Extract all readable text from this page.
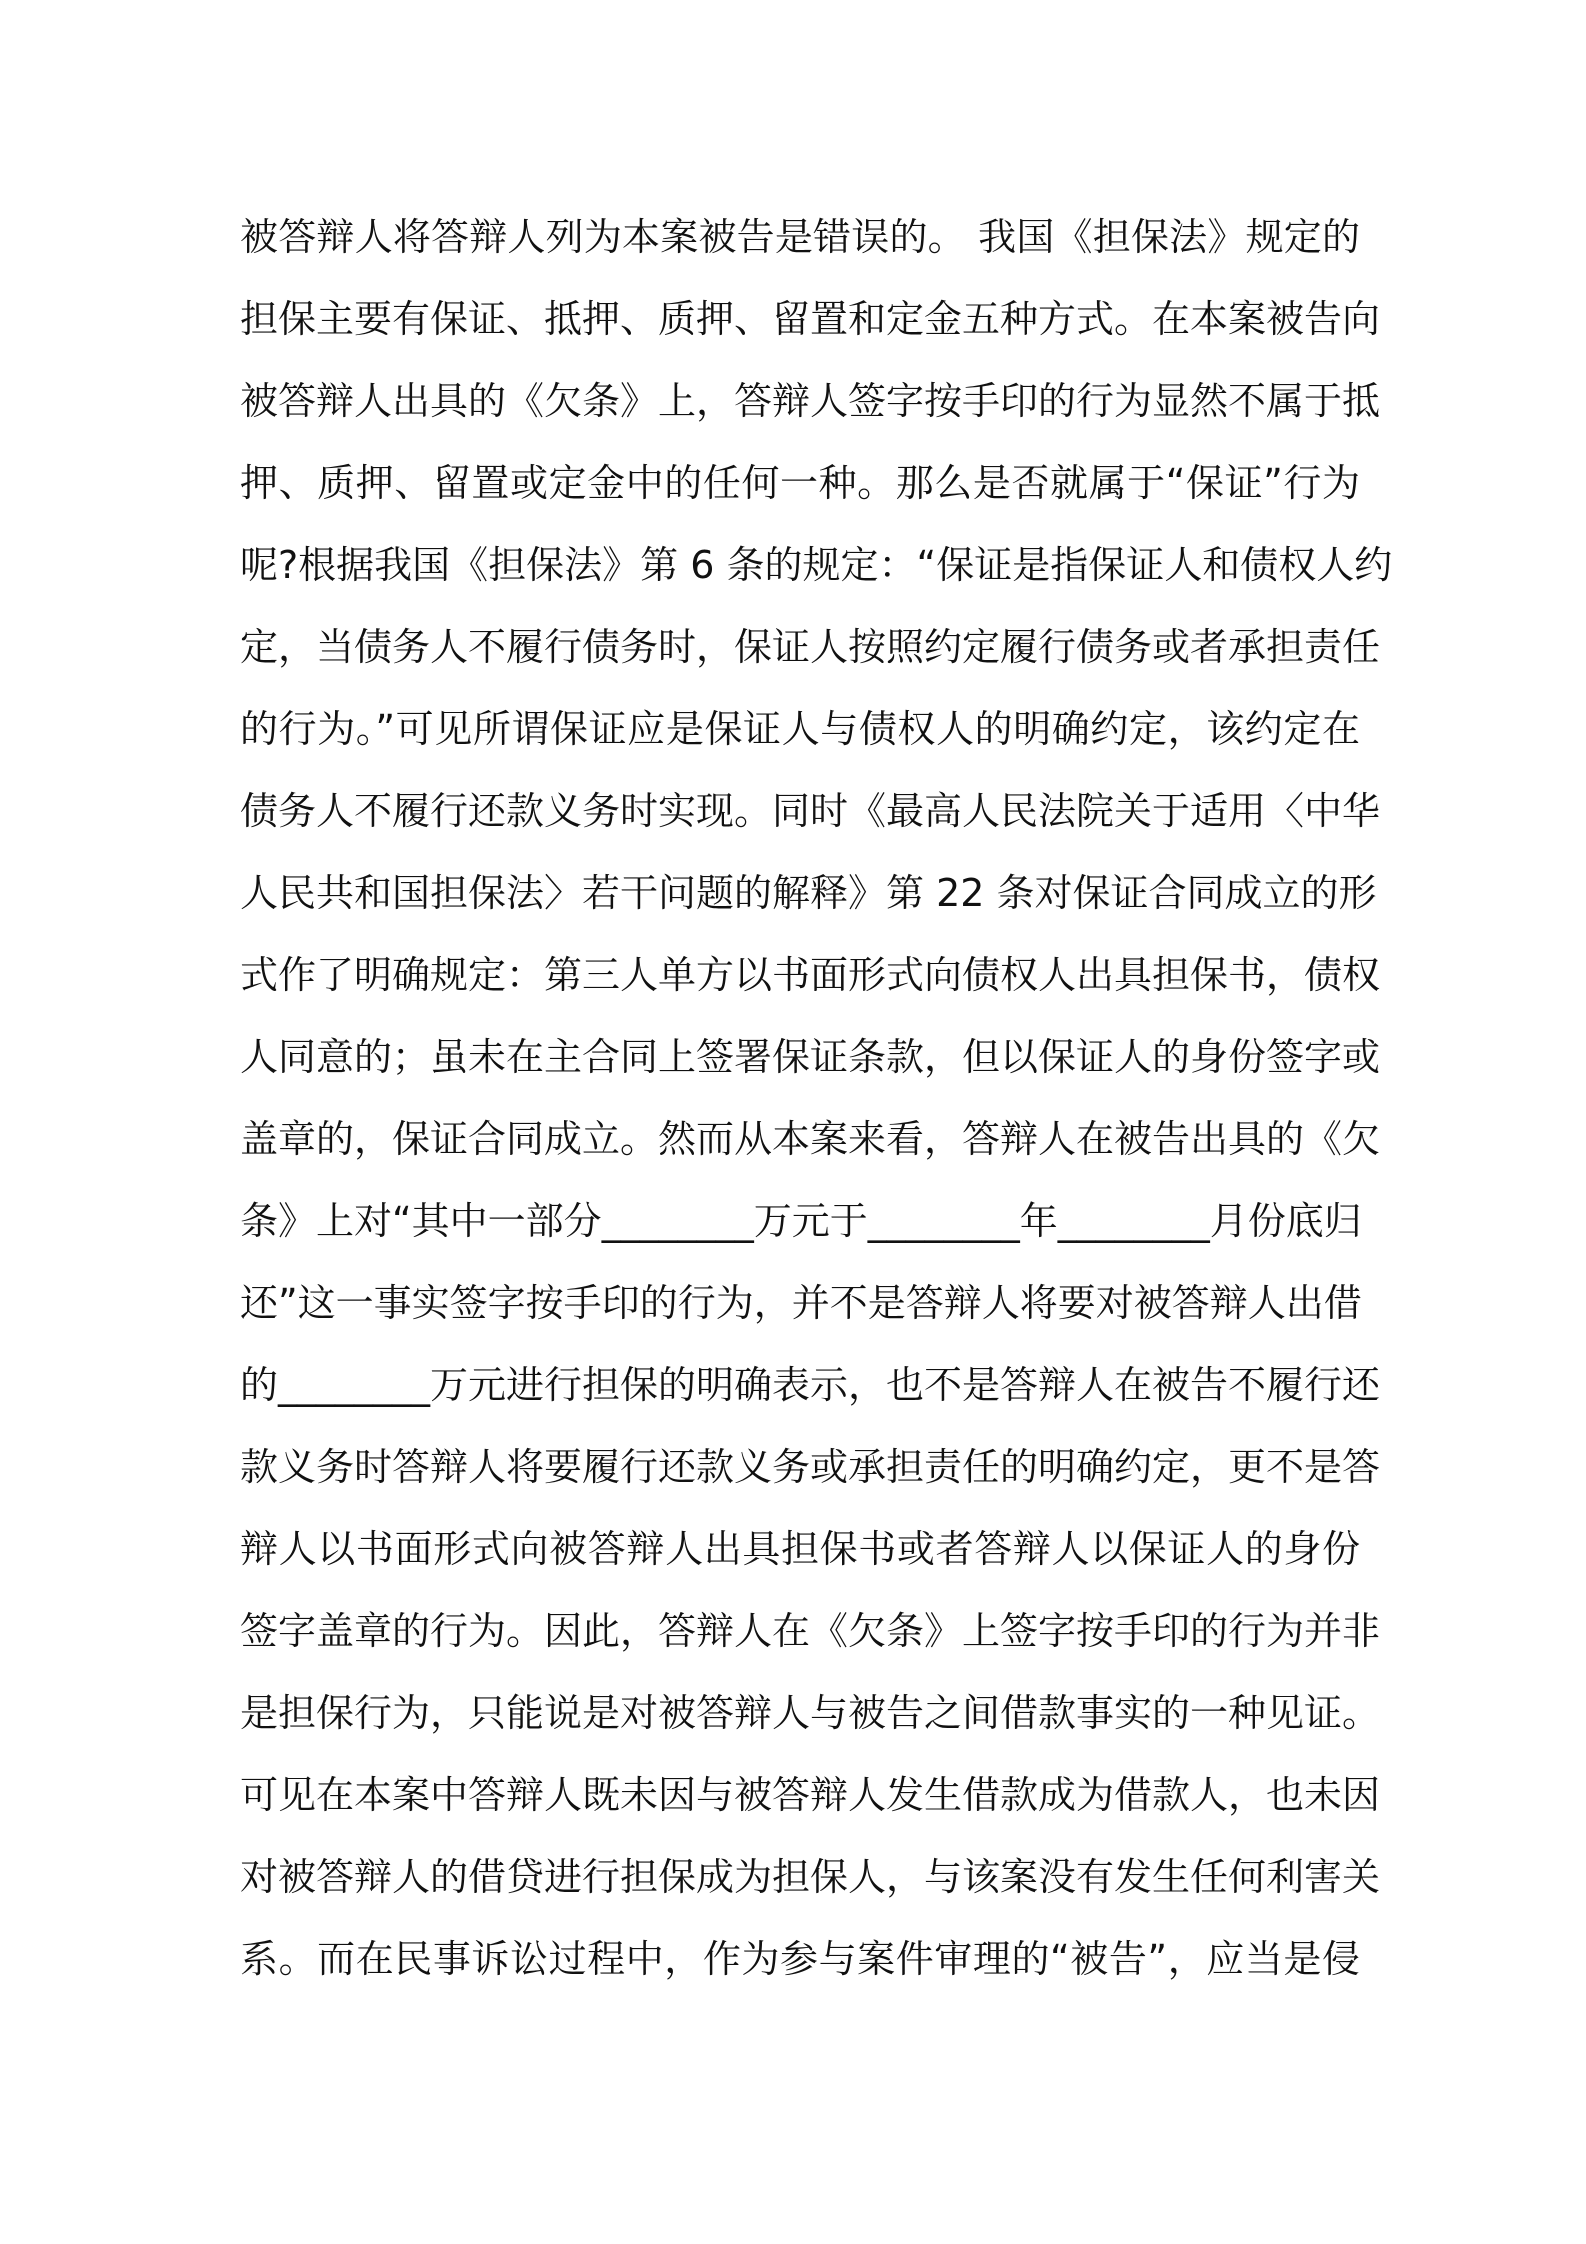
被答辩人将答辩人列为本案被告是错误的。 我国《担保法》规定的
担保主要有保证、抵押、质押、留置和定金五种方式。在本案被告向
被答辩人出具的《欠条》上，答辩人签字按手印的行为显然不属于抵
押、质押、留置或定金中的任何一种。那么是否就属于“保证”行为
呢?根据我国《担保法》第 6 条的规定：“保证是指保证人和债权人约
定，当债务人不履行债务时，保证人按照约定履行债务或者承担责任
的行为。”可见所谓保证应是保证人与债权人的明确约定，该约定在
债务人不履行还款义务时实现。同时《最高人民法院关于适用〈中华
人民共和国担保法〉若干问题的解释》第 22 条对保证合同成立的形
式作了明确规定：第三人单方以书面形式向债权人出具担保书，债权
人同意的；虽未在主合同上签署保证条款，但以保证人的身份签字或
盖章的，保证合同成立。然而从本案来看，答辩人在被告出具的《欠
条》上对“其中一部分________万元于________年________月份底归
还”这一事实签字按手印的行为，并不是答辩人将要对被答辩人出借
的________万元进行担保的明确表示，也不是答辩人在被告不履行还
款义务时答辩人将要履行还款义务或承担责任的明确约定，更不是答
辩人以书面形式向被答辩人出具担保书或者答辩人以保证人的身份
签字盖章的行为。因此，答辩人在《欠条》上签字按手印的行为并非
是担保行为，只能说是对被答辩人与被告之间借款事实的一种见证。
可见在本案中答辩人既未因与被答辩人发生借款成为借款人，也未因
对被答辩人的借贷进行担保成为担保人，与该案没有发生任何利害关
系。而在民事诉讼过程中，作为参与案件审理的“被告”，应当是侵
